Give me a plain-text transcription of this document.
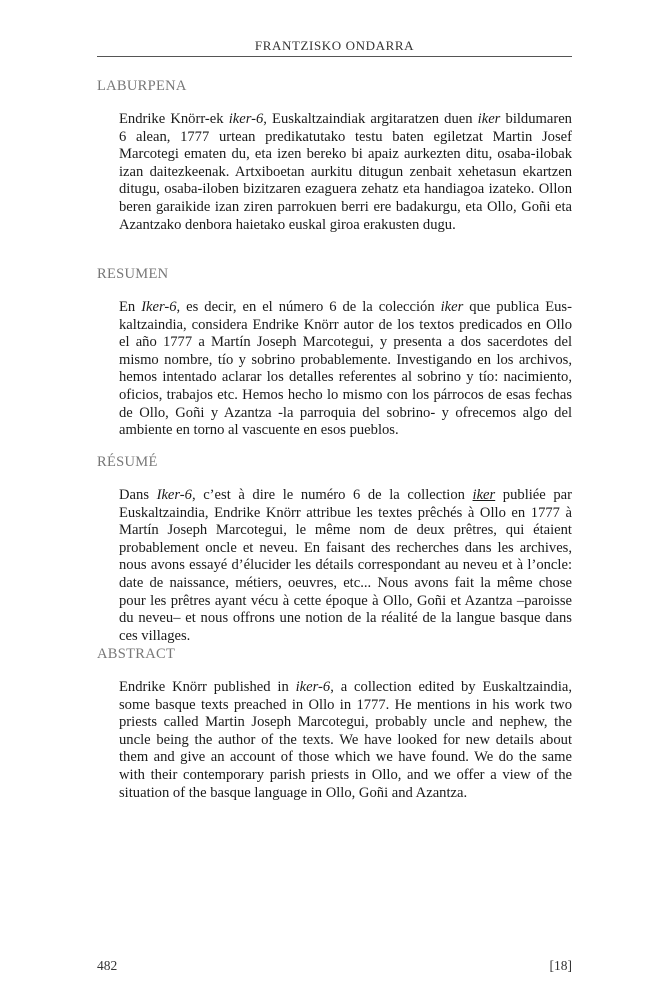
FRANTZISKO ONDARRA
LABURPENA

Endrike Knörr-ek iker-6, Euskaltzaindiak argitaratzen duen iker bildumaren 6 alean, 1777 urtean predikatutako testu baten egiletzat Martin Josef Marcotegi ematen du, eta izen bereko bi apaiz aurkezten ditu, osaba-ilobak izan daitezkeenak. Artxiboetan aurkitu ditugun zenbait xehetasun ekartzen ditugu, osaba-iloben bizitzaren ezaguera zehatz eta handiagoa izateko. Ollon beren garaikide izan ziren parrokuen berri ere badakurgu, eta Ollo, Goñi eta Azantzako denbora haietako euskal giroa erakusten dugu.

RESUMEN

En Iker-6, es decir, en el número 6 de la colección iker que publica Euskaltzaindia, considera Endrike Knörr autor de los textos predicados en Ollo el año 1777 a Martín Joseph Marcotegui, y presenta a dos sacerdotes del mismo nombre, tío y sobrino probablemente. Investigando en los archivos, hemos intentado aclarar los detalles referentes al sobrino y tío: nacimiento, oficios, trabajos etc. Hemos hecho lo mismo con los párrocos de esas fechas de Ollo, Goñi y Azantza -la parroquia del sobrino- y ofrecemos algo del ambiente en torno al vascuente en esos pueblos.

RÉSUMÉ

Dans Iker-6, c’est à dire le numéro 6 de la collection iker publiée par Euskaltzaindia, Endrike Knörr attribue les textes prêchés à Ollo en 1777 à Martín Joseph Marcotegui, le même nom de deux prêtres, qui étaient probablement oncle et neveu. En faisant des recherches dans les archives, nous avons essayé d’élucider les détails correspondant au neveu et à l’oncle: date de naissance, métiers, oeuvres, etc... Nous avons fait la même chose pour les prêtres ayant vécu à cette époque à Ollo, Goñi et Azantza –paroisse du neveu– et nous offrons une notion de la réalité de la langue basque dans ces villages.

ABSTRACT

Endrike Knörr published in iker-6, a collection edited by Euskaltzaindia, some basque texts preached in Ollo in 1777. He mentions in his work two priests called Martin Joseph Marcotegui, probably uncle and nephew, the uncle being the author of the texts. We have looked for new details about them and give an account of those which we have found. We do the same with their contemporary parish priests in Ollo, and we offer a view of the situation of the basque language in Ollo, Goñi and Azantza.

482	[18]
